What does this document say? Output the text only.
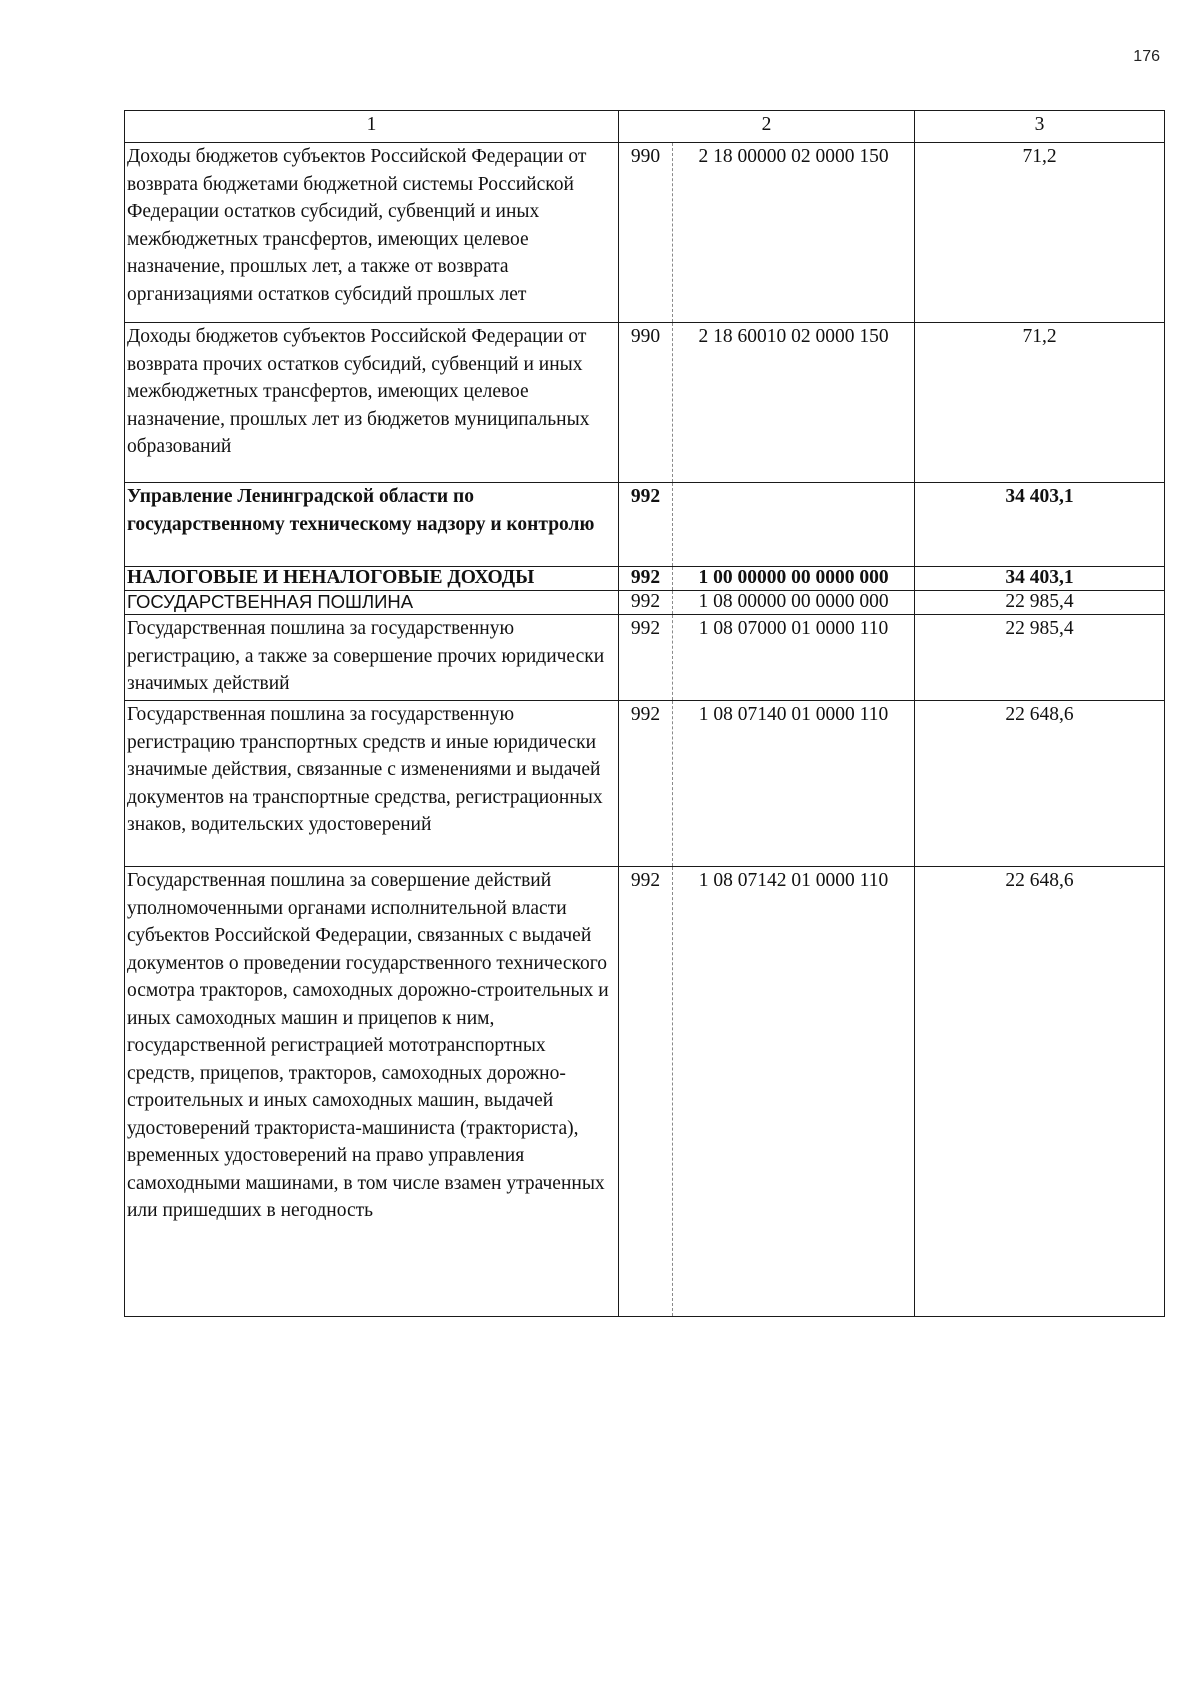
176
1	2		3
Доходы бюджетов субъектов Российской Федерации от возврата бюджетами бюджетной системы Российской Федерации остатков субсидий, субвенций и иных межбюджетных трансфертов, имеющих целевое назначение, прошлых лет, а также от возврата организациями остатков субсидий прошлых лет	990	2 18 00000 02 0000 150	71,2
Доходы бюджетов субъектов Российской Федерации от возврата прочих остатков субсидий, субвенций и иных межбюджетных трансфертов, имеющих целевое назначение, прошлых лет из бюджетов муниципальных образований	990	2 18 60010 02 0000 150	71,2
Управление Ленинградской области по государственному техническому надзору и контролю	992		34 403,1
НАЛОГОВЫЕ И НЕНАЛОГОВЫЕ ДОХОДЫ	992	1 00 00000 00 0000 000	34 403,1
ГОСУДАРСТВЕННАЯ ПОШЛИНА	992	1 08 00000 00 0000 000	22 985,4
Государственная пошлина за государственную регистрацию, а также за совершение прочих юридически значимых действий	992	1 08 07000 01 0000 110	22 985,4
Государственная пошлина за государственную регистрацию транспортных средств и иные юридически значимые действия, связанные с изменениями и выдачей документов на транспортные средства, регистрационных знаков, водительских удостоверений	992	1 08 07140 01 0000 110	22 648,6
Государственная пошлина за совершение действий уполномоченными органами исполнительной власти субъектов Российской Федерации, связанных с выдачей документов о проведении государственного технического осмотра тракторов, самоходных дорожно-строительных и иных самоходных машин и прицепов к ним, государственной регистрацией мототранспортных средств, прицепов, тракторов, самоходных дорожно-строительных и иных самоходных машин, выдачей удостоверений тракториста-машиниста (тракториста), временных удостоверений на право управления самоходными машинами, в том числе взамен утраченных или пришедших в негодность	992	1 08 07142 01 0000 110	22 648,6
